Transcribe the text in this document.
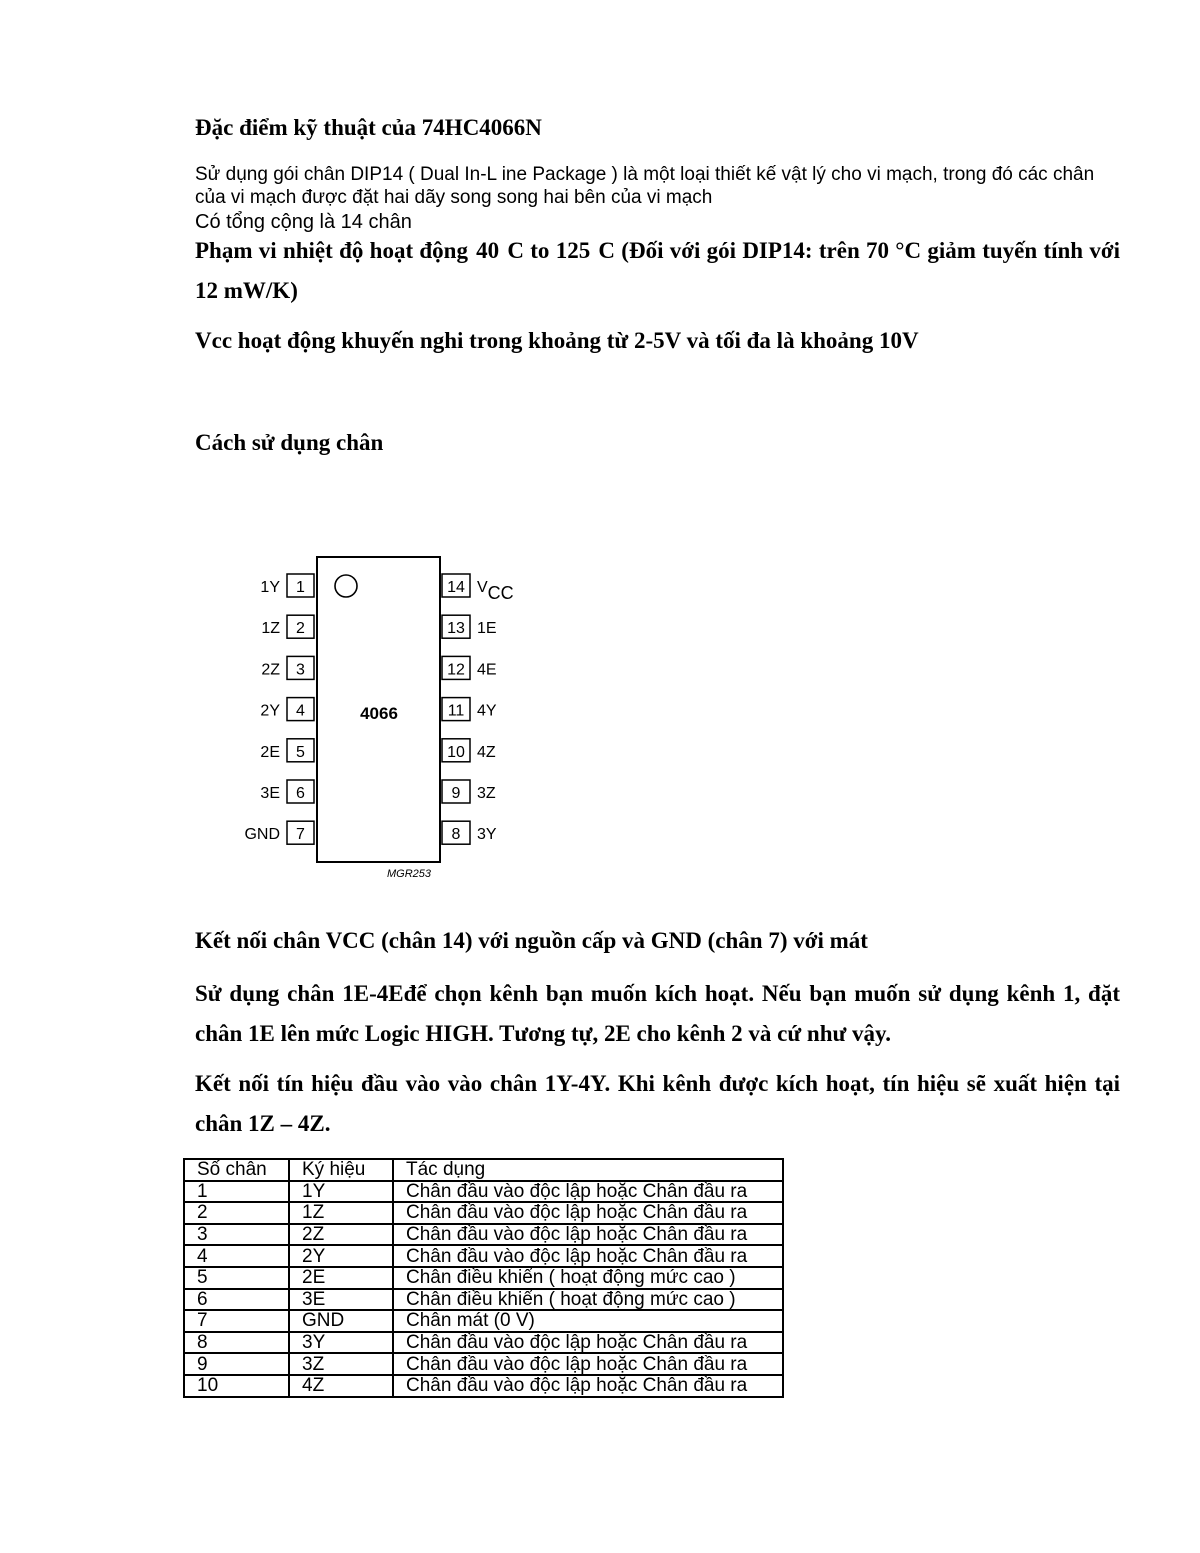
Đặc điểm kỹ thuật của 74HC4066N
Sử dụng gói chân DIP14 ( Dual In-L ine Package ) là một loại thiết kế vật lý cho vi mạch, trong đó các chân của vi mạch được đặt hai dãy song song hai bên của vi mạch
Có tổng cộng là 14 chân
Phạm vi nhiệt độ hoạt động  40  C to 125  C (Đối với gói DIP14: trên 70 °C giảm tuyến tính với 12 mW/K)
Vcc hoạt động khuyến nghi trong khoảng từ 2-5V và tối đa là khoảng 10V
Cách sử dụng chân
4066
MGR253
1
1Y
2
1Z
3
2Z
4
2Y
5
2E
6
3E
7
GND
14 VCC
13 1E
12 4E
11 4Y
10 4Z
9 3Z
8 3Y
Kết nối chân VCC (chân 14) với nguồn cấp và GND (chân 7) với mát
Sử dụng chân 1E-4Eđể chọn kênh bạn muốn kích hoạt. Nếu bạn muốn sử dụng kênh 1, đặt chân 1E lên mức Logic HIGH. Tương tự, 2E cho kênh 2 và cứ như vậy.
Kết nối tín hiệu đầu vào vào chân 1Y-4Y. Khi kênh được kích hoạt, tín hiệu sẽ xuất hiện tại chân 1Z – 4Z.
Số chân	Ký hiệu	Tác dụng
1	1Y	Chân đầu vào độc lập hoặc Chân đầu ra
2	1Z	Chân đầu vào độc lập hoặc Chân đầu ra
3	2Z	Chân đầu vào độc lập hoặc Chân đầu ra
4	2Y	Chân đầu vào độc lập hoặc Chân đầu ra
5	2E	Chân điều khiển ( hoạt động mức cao )
6	3E	Chân điều khiển ( hoạt động mức cao )
7	GND	Chân mát (0 V)
8	3Y	Chân đầu vào độc lập hoặc Chân đầu ra
9	3Z	Chân đầu vào độc lập hoặc Chân đầu ra
10	4Z	Chân đầu vào độc lập hoặc Chân đầu ra
